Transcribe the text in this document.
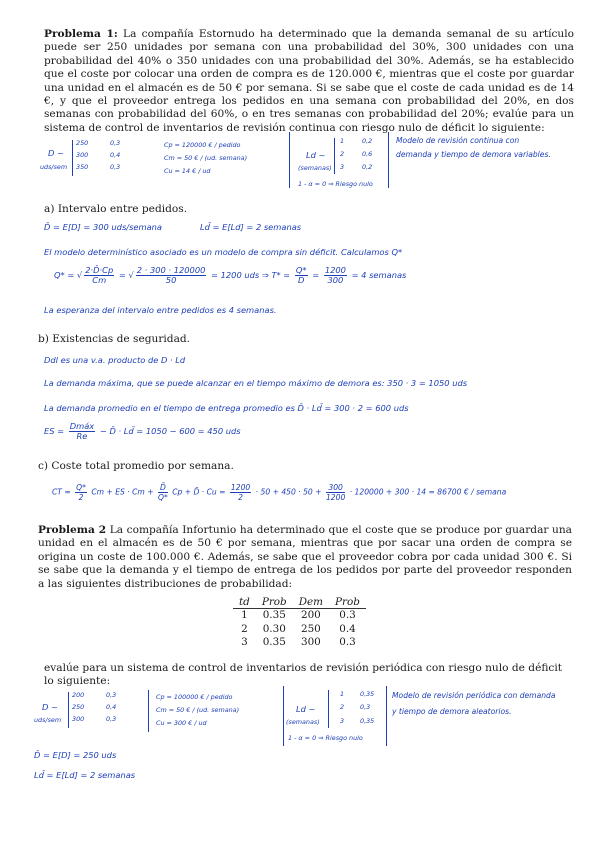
Problema 1: La compañía Estornudo ha determinado que la demanda semanal de su artículo puede ser 250 unidades por semana con una probabilidad del 30%, 300 unidades con una probabilidad del 40% o 350 unidades con una probabilidad del 30%. Además, se ha establecido que el coste por colocar una orden de compra es de 120.000 €, mientras que el coste por guardar una unidad en el almacén es de 50 € por semana. Si se sabe que el coste de cada unidad es de 14 €, y que el proveedor entrega los pedidos en una semana con probabilidad del 20%, en dos semanas con probabilidad del 60%, o en tres semanas con probabilidad del 20%; evalúe para un sistema de control de inventarios de revisión continua con riesgo nulo de déficit lo siguiente:
D ~
uds/sem
250	0,3
300	0,4
350	0,3
Cp = 120000 € / pedido
Cm = 50 € / (ud. semana)
Cu = 14 € / ud
Ld ~
(semanas)
1	0,2
2	0,6
3	0,2
1 - α = 0 ⇒ Riesgo nulo
Modelo de revisión continua con demanda y tiempo de demora variables.
a) Intervalo entre pedidos.
D̄ = E[D] = 300 uds/semana	Ld̄ = E[Ld] = 2 semanas
El modelo determinístico asociado es un modelo de compra sin déficit. Calculamos Q*
Q* = √ $\frac{2\cdot D̄\cdot Cp}{Cm}$ = √ $\frac{2 \cdot 300 \cdot 120000}{50} = 1200$ uds ⇒ $T* = \frac{Q*}{D̄} = \frac{1200}{300} = 4$ semanas
La esperanza del intervalo entre pedidos es 4 semanas.
b) Existencias de seguridad.
Ddl es una v.a. producto de D · Ld
La demanda máxima, que se puede alcanzar en el tiempo máximo de demora es: 350 · 3 = 1050 uds
La demanda promedio en el tiempo de entrega promedio es D̄ · Ld̄ = 300 · 2 = 600 uds
ES = Dmáx
Re	− D̄ · Ld̄ = 1050 − 600 = 450 uds
c) Coste total promedio por semana.
CT = $\frac{Q*}{2}$ Cm + ES · $Cm + \frac{D̄}{Q*}$ Cp + D̄ · $Cu = \frac{1200}{2} \cdot 50 + 450 \cdot 50 + \frac{300}{1200} \cdot 120000 + 300 \cdot 14 = 86700$ € / semana
Problema 2 La compañía Infortunio ha determinado que el coste que se produce por guardar una unidad en el almacén es de 50 € por semana, mientras que por sacar una orden de compra se origina un coste de 100.000 €. Además, se sabe que el proveedor cobra por cada unidad 300 €. Si se sabe que la demanda y el tiempo de entrega de los pedidos por parte del proveedor responden a las siguientes distribuciones de probabilidad:
td	Prob	Dem	Prob
1	0.35	200	0.3
2	0.30	250	0.4
3	0.35	300	0.3
evalúe para un sistema de control de inventarios de revisión periódica con riesgo nulo de déficit lo siguiente:
D ~
uds/sem
200	0,3
250	0,4
300	0,3
Cp = 100000 € / pedido
Cm = 50 € / (ud. semana)
Cu = 300 € / ud
Ld ~
(semanas)
1 0,35
2 0,3
3 0,35
1 - α = 0 ⇒ Riesgo nulo
Modelo de revisión periódica con demanda y tiempo de demora aleatorios.
D̄ = E[D] = 250 uds
Ld̄ = E[Ld] = 2 semanas
